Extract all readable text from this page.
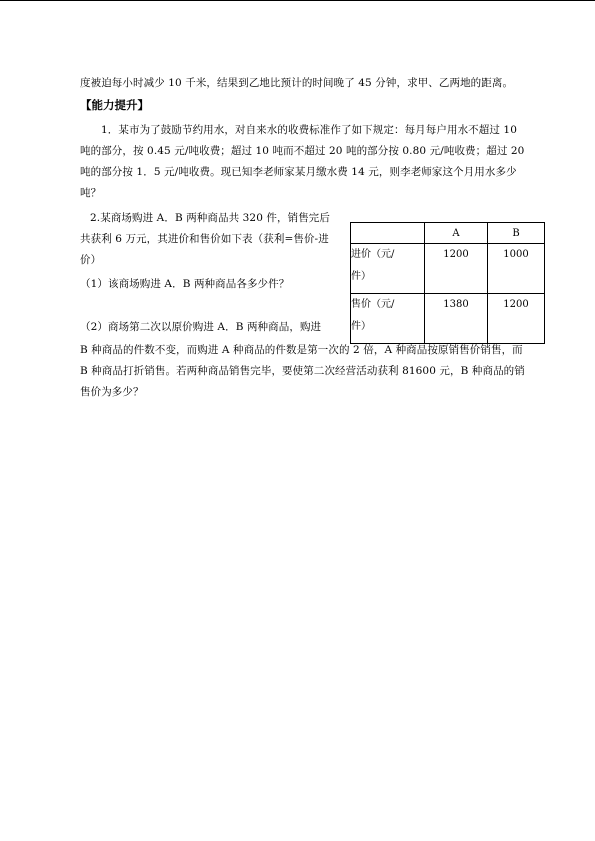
度被迫每小时减少 10 千米，结果到乙地比预计的时间晚了 45 分钟，求甲、乙两地的距离。
【能力提升】
1．某市为了鼓励节约用水，对自来水的收费标准作了如下规定：每月每户用水不超过 10
吨的部分，按 0.45 元/吨收费；超过 10 吨而不超过 20 吨的部分按 0.80 元/吨收费；超过 20
吨的部分按 1．5 元/吨收费。现已知李老师家某月缴水费 14 元，则李老师家这个月用水多少
吨？
2.某商场购进 A．B 两种商品共 320 件，销售完后
共获利 6 万元，其进价和售价如下表（获利=售价-进
价）
（1）该商场购进 A．B 两种商品各多少件？
（2）商场第二次以原价购进 A．B 两种商品，购进
B 种商品的件数不变，而购进 A 种商品的件数是第一次的 2 倍，A 种商品按原销售价销售，而
B 种商品打折销售。若两种商品销售完毕，要使第二次经营活动获利 81600 元，B 种商品的销
售价为多少？
	A	B
进价（元/
件）	1200	1000
售价（元/
件）	1380	1200
